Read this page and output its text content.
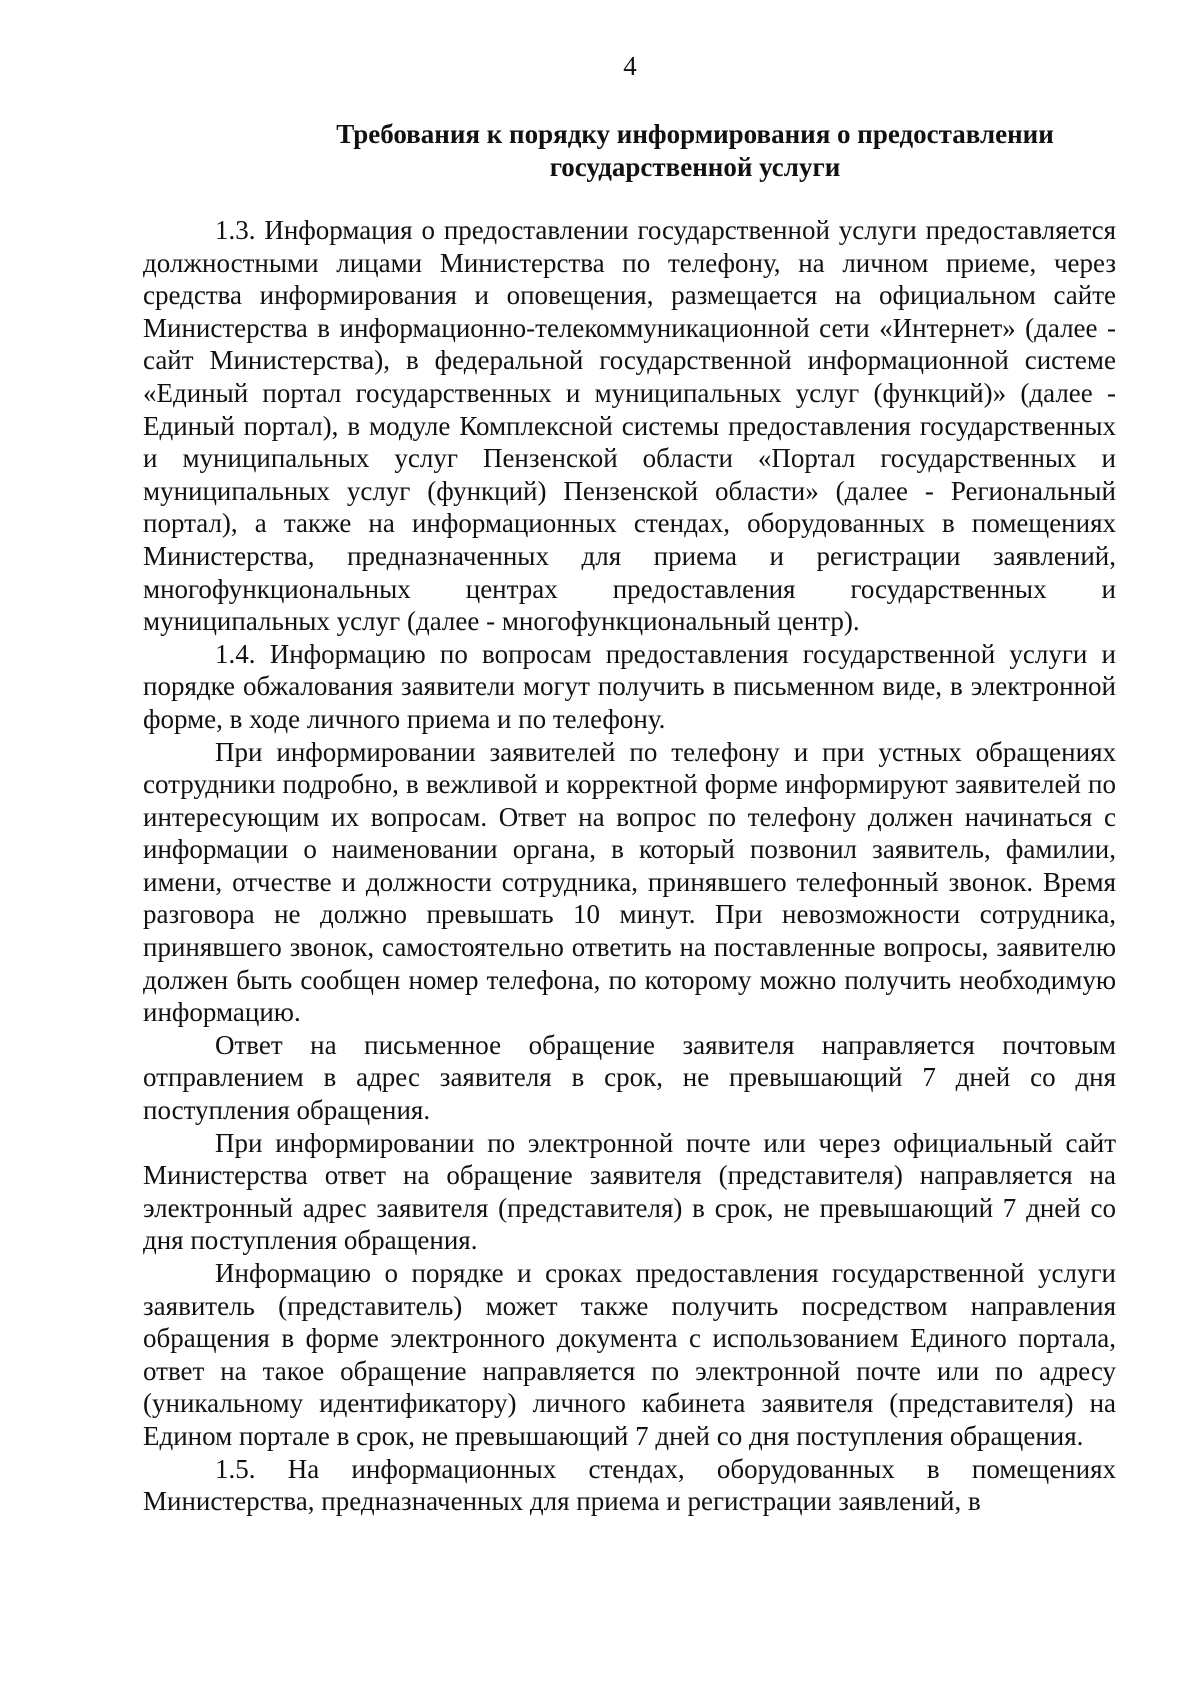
4
Требования к порядку информирования о предоставлении
государственной услуги

1.3. Информация о предоставлении государственной услуги предоставляется должностными лицами Министерства по телефону, на личном приеме, через средства информирования и оповещения, размещается на официальном сайте Министерства в информационно-телекоммуникационной сети «Интернет» (далее - сайт Министерства), в федеральной государственной информационной системе «Единый портал государственных и муниципальных услуг (функций)» (далее - Единый портал), в модуле Комплексной системы предоставления государственных и муниципальных услуг Пензенской области «Портал государственных и муниципальных услуг (функций) Пензенской области» (далее - Региональный портал), а также на информационных стендах, оборудованных в помещениях Министерства, предназначенных для приема и регистрации заявлений, многофункциональных центрах предоставления государственных и муниципальных услуг (далее - многофункциональный центр).

1.4. Информацию по вопросам предоставления государственной услуги и порядке обжалования заявители могут получить в письменном виде, в электронной форме, в ходе личного приема и по телефону.

При информировании заявителей по телефону и при устных обращениях сотрудники подробно, в вежливой и корректной форме информируют заявителей по интересующим их вопросам. Ответ на вопрос по телефону должен начинаться с информации о наименовании органа, в который позвонил заявитель, фамилии, имени, отчестве и должности сотрудника, принявшего телефонный звонок. Время разговора не должно превышать 10 минут. При невозможности сотрудника, принявшего звонок, самостоятельно ответить на поставленные вопросы, заявителю должен быть сообщен номер телефона, по которому можно получить необходимую информацию.

Ответ на письменное обращение заявителя направляется почтовым отправлением в адрес заявителя в срок, не превышающий 7 дней со дня поступления обращения.

При информировании по электронной почте или через официальный сайт Министерства ответ на обращение заявителя (представителя) направляется на электронный адрес заявителя (представителя) в срок, не превышающий 7 дней со дня поступления обращения.

Информацию о порядке и сроках предоставления государственной услуги заявитель (представитель) может также получить посредством направления обращения в форме электронного документа с использованием Единого портала, ответ на такое обращение направляется по электронной почте или по адресу (уникальному идентификатору) личного кабинета заявителя (представителя) на Едином портале в срок, не превышающий 7 дней со дня поступления обращения.

1.5. На информационных стендах, оборудованных в помещениях Министерства, предназначенных для приема и регистрации заявлений, в
